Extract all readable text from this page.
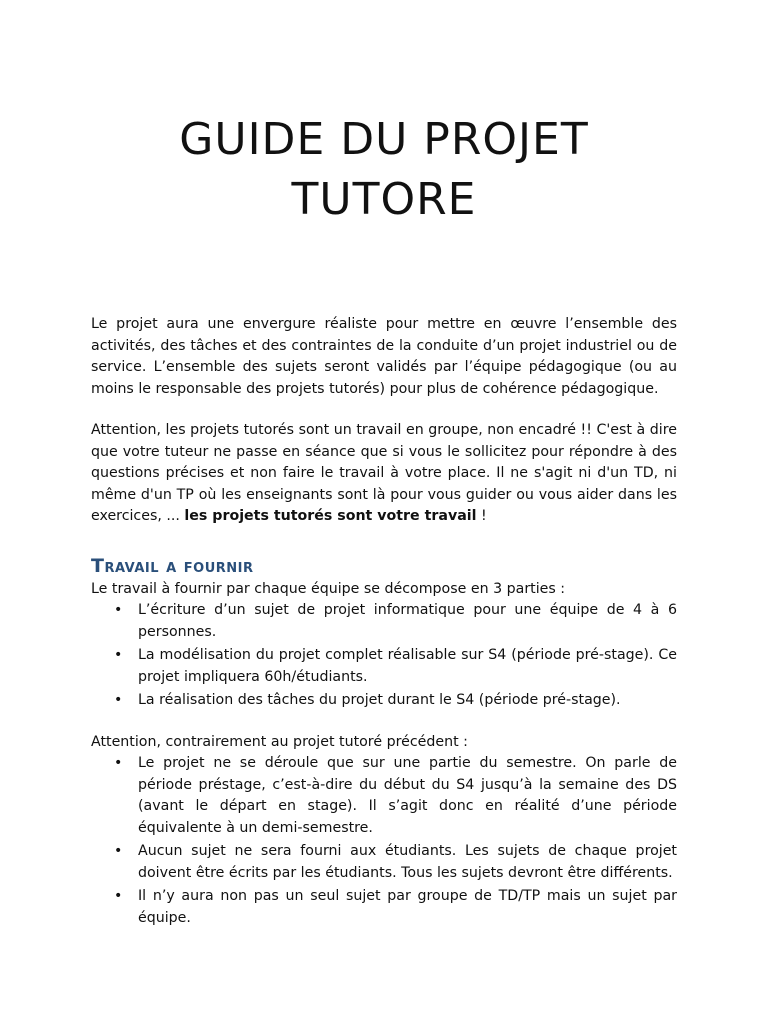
GUIDE DU PROJET
TUTORE

Le projet aura une envergure réaliste pour mettre en œuvre l’ensemble des activités, des tâches et des contraintes de la conduite d’un projet industriel ou de service. L’ensemble des sujets seront validés par l’équipe pédagogique (ou au moins le responsable des projets tutorés) pour plus de cohérence pédagogique.

Attention, les projets tutorés sont un travail en groupe, non encadré !! C'est à dire que votre tuteur ne passe en séance que si vous le sollicitez pour répondre à des questions précises et non faire le travail à votre place. Il ne s'agit ni d'un TD, ni même d'un TP où les enseignants sont là pour vous guider ou vous aider dans les exercices, ... les projets tutorés sont votre travail !

Travail a fournir

Le travail à fournir par chaque équipe se décompose en 3 parties :

• L’écriture d’un sujet de projet informatique pour une équipe de 4 à 6 personnes.
• La modélisation du projet complet réalisable sur S4 (période pré-stage). Ce projet impliquera 60h/étudiants.
• La réalisation des tâches du projet durant le S4 (période pré-stage).

Attention, contrairement au projet tutoré précédent :

• Le projet ne se déroule que sur une partie du semestre. On parle de période préstage, c’est-à-dire du début du S4 jusqu’à la semaine des DS (avant le départ en stage). Il s’agit donc en réalité d’une période équivalente à un demi-semestre.
• Aucun sujet ne sera fourni aux étudiants. Les sujets de chaque projet doivent être écrits par les étudiants. Tous les sujets devront être différents.
• Il n’y aura non pas un seul sujet par groupe de TD/TP mais un sujet par équipe.
